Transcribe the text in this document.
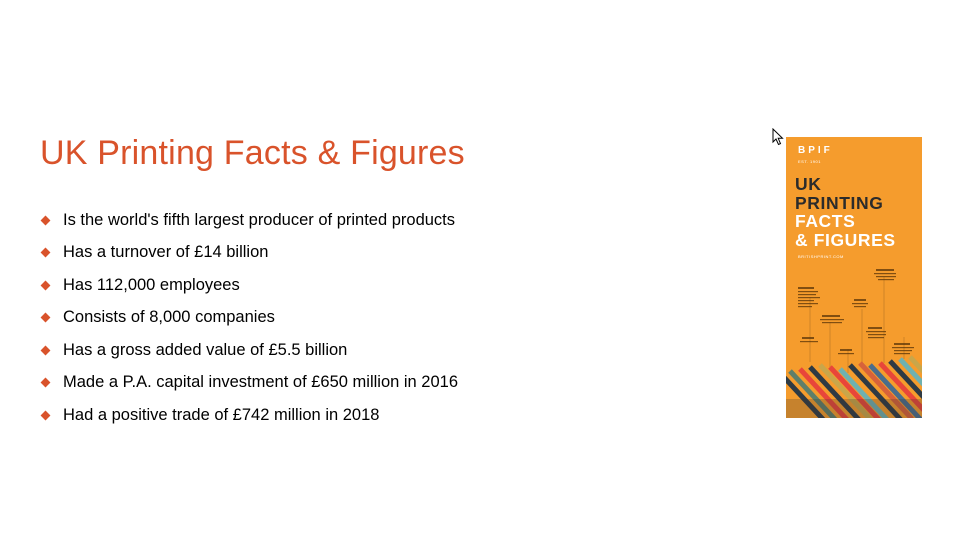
UK Printing Facts & Figures
Is the world's fifth largest producer of printed products
Has a turnover of £14 billion
Has 112,000 employees
Consists of 8,000 companies
Has a gross added value of £5.5 billion
Made a P.A. capital investment of £650 million in 2016
Had a positive trade of £742 million in 2018
BPIF
EST. 1901
UK
PRINTING
FACTS
& FIGURES
BRITISHPRINT.COM
